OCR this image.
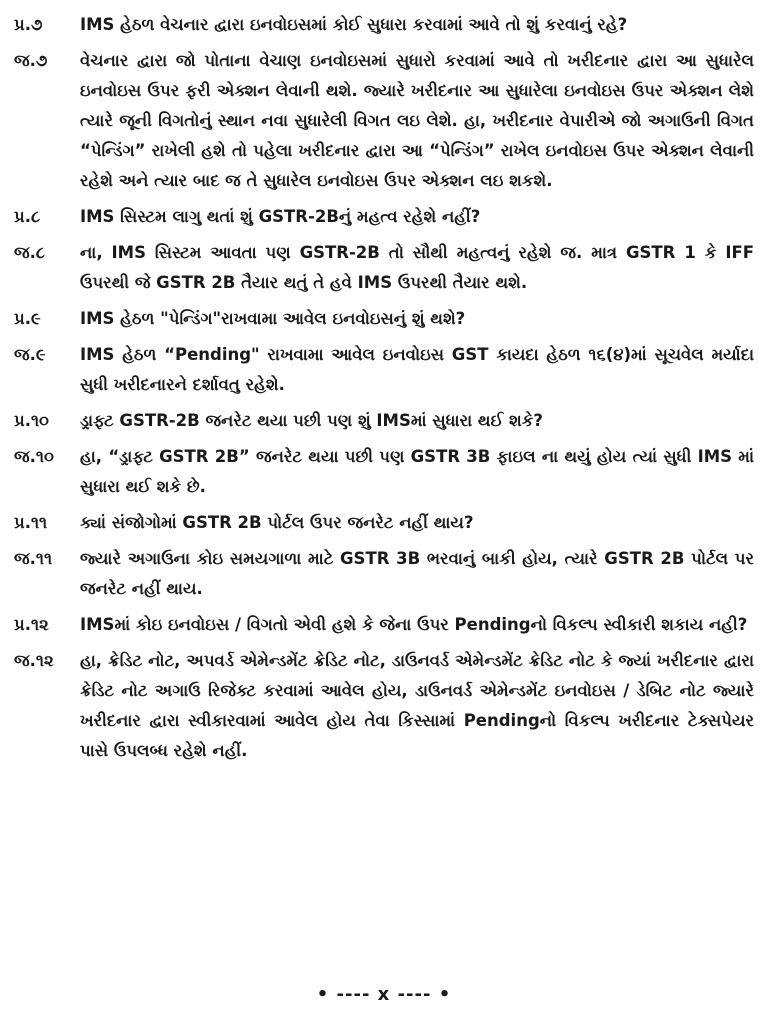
પ્ર.૭	IMS હેઠળ વેચનાર દ્વારા ઇનવોઇસમાં કોઈ સુધારા કરવામાં આવે તો શું કરવાનું રહે?
જ.૭	વેચનાર દ્વારા જો પોતાના વેચાણ ઇનવોઇસમાં સુધારો કરવામાં આવે તો ખરીદનાર દ્વારા આ સુધારેલ ઇનવોઇસ ઉપર ફરી એક્શન લેવાની થશે. જ્યારે ખરીદનાર આ સુધારેલા ઇનવોઇસ ઉપર એક્શન લેશે ત્યારે જૂની વિગતોનું સ્થાન નવા સુધારેલી વિગત લઇ લેશે. હા, ખરીદનાર વેપારીએ જો અગાઉની વિગત “પેન્ડિંગ” રાખેલી હશે તો પહેલા ખરીદનાર દ્વારા આ “પેન્ડિંગ” રાખેલ ઇનવોઇસ ઉપર એક્શન લેવાની રહેશે અને ત્યાર બાદ જ તે સુધારેલ ઇનવોઇસ ઉપર એક્શન લઇ શકશે.
પ્ર.૮	IMS સિસ્ટમ લાગુ થતાં શું GSTR-2Bનું મહત્વ રહેશે નહીં?
જ.૮	ના, IMS સિસ્ટમ આવતા પણ GSTR-2B તો સૌથી મહત્વનું રહેશે જ. માત્ર GSTR 1 કે IFF ઉપરથી જે GSTR 2B તૈયાર થતું તે હવે IMS ઉપરથી તૈયાર થશે.
પ્ર.૯	IMS હેઠળ "પેન્ડિંગ"રાખવામા આવેલ ઇનવોઇસનું શું થશે?
જ.૯	IMS હેઠળ “Pending" રાખવામા આવેલ ઇનવોઇસ GST કાયદા હેઠળ ૧૬(૪)માં સૂચવેલ મર્યાદા સુધી ખરીદનારને દર્શાવતુ રહેશે.
પ્ર.૧૦	ડ્રાફ્ટ GSTR-2B જનરેટ થયા પછી પણ શું IMSમાં સુધારા થઈ શકે?
જ.૧૦	હા, “ડ્રાફ્ટ GSTR 2B” જનરેટ થયા પછી પણ GSTR 3B ફાઇલ ના થયું હોય ત્યાં સુધી IMS માં સુધારા થઈ શકે છે.
પ્ર.૧૧	ક્યાં સંજોગોમાં GSTR 2B પોર્ટલ ઉપર જનરેટ નહીં થાય?
જ.૧૧	જ્યારે અગાઉના કોઇ સમયગાળા માટે GSTR 3B ભરવાનું બાકી હોય, ત્યારે GSTR 2B પોર્ટલ પર જનરેટ નહીં થાય.
પ્ર.૧૨	IMSમાં કોઇ ઇનવોઇસ / વિગતો એવી હશે કે જેના ઉપર Pendingનો વિકલ્પ સ્વીકારી શકાય નહી?
જ.૧૨	હા, ક્રેડિટ નોટ, અપવર્ડ એમેન્ડમેંટ ક્રેડિટ નોટ, ડાઉનવર્ડ એમેન્ડમેંટ ક્રેડિટ નોટ કે જ્યાં ખરીદનાર દ્વારા ક્રેડિટ નોટ અગાઉ રિજેક્ટ કરવામાં આવેલ હોય, ડાઉનવર્ડ એમેન્ડમેંટ ઇનવોઇસ / ડેબિટ નોટ જ્યારે ખરીદનાર દ્વારા સ્વીકારવામાં આવેલ હોય તેવા કિસ્સામાં Pendingનો વિકલ્પ ખરીદનાર ટેક્સપેયર પાસે ઉપલબ્ધ રહેશે નહીં.
• ---- x ---- •
